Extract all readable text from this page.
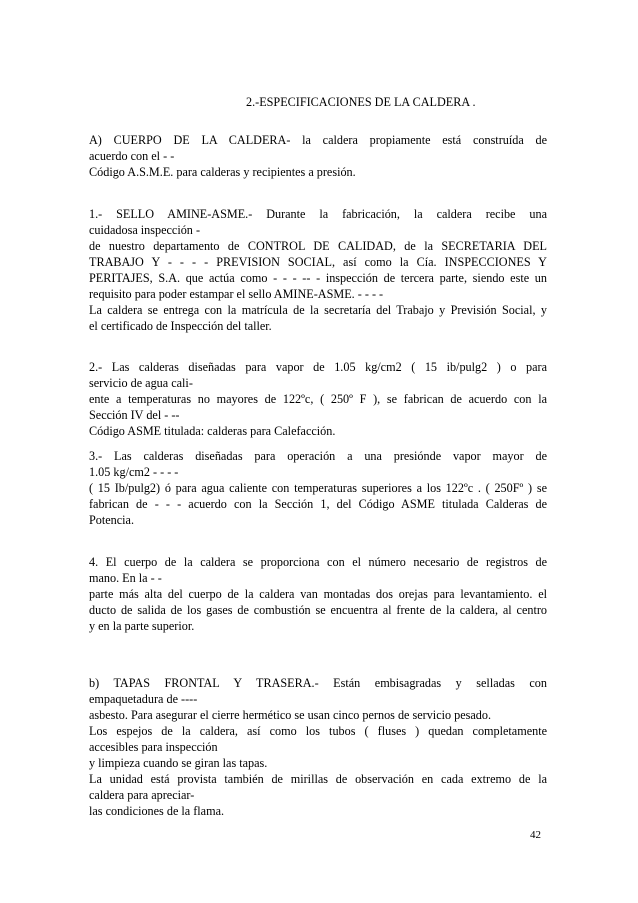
2.-ESPECIFICACIONES DE LA CALDERA .
A) CUERPO DE LA CALDERA- la caldera propiamente está construída de
acuerdo con el - -
Código A.S.M.E. para calderas y recipientes a presión.
1.- SELLO AMINE-ASME.- Durante la fabricación, la caldera recibe una
cuidadosa inspección -
de nuestro departamento de CONTROL DE CALIDAD, de la SECRETARIA DEL
TRABAJO Y - - - - PREVISION SOCIAL, así como la Cía. INSPECCIONES Y
PERITAJES, S.A. que actúa como - - - -- - inspección de tercera parte, siendo este un
requisito para poder estampar el sello AMINE-ASME. - - - -
La caldera se entrega con la matrícula de la secretaría del Trabajo y Previsión Social, y
el certificado de Inspección del taller.
2.- Las calderas diseñadas para vapor de 1.05 kg/cm2 ( 15 ib/pulg2 ) o para
servicio de agua cali-
ente a temperaturas no mayores de 122ºc, ( 250º F ), se fabrican de acuerdo con la
Sección IV del - --
Código ASME titulada: calderas para Calefacción.
3.- Las calderas diseñadas para operación a una presiónde vapor mayor de
1.05 kg/cm2 - - - -
( 15 Ib/pulg2) ó para agua caliente con temperaturas superiores a los 122ºc . ( 250Fº ) se
fabrican de - - - acuerdo con la Sección 1, del Código ASME titulada Calderas de
Potencia.
4. El cuerpo de la caldera se proporciona con el número necesario de registros de
mano. En la - -
parte más alta del cuerpo de la caldera van montadas dos orejas para levantamiento. el
ducto de salida de los gases de combustión se encuentra al frente de la caldera, al centro
y en la parte superior.
b) TAPAS FRONTAL Y TRASERA.- Están embisagradas y selladas con
empaquetadura de ----
asbesto. Para asegurar el cierre hermético se usan cinco pernos de servicio pesado.
Los espejos de la caldera, así como los tubos ( fluses ) quedan completamente
accesibles para inspección
y limpieza cuando se giran las tapas.
La unidad está provista también de mirillas de observación en cada extremo de la
caldera para apreciar-
las condiciones de la flama.
42
